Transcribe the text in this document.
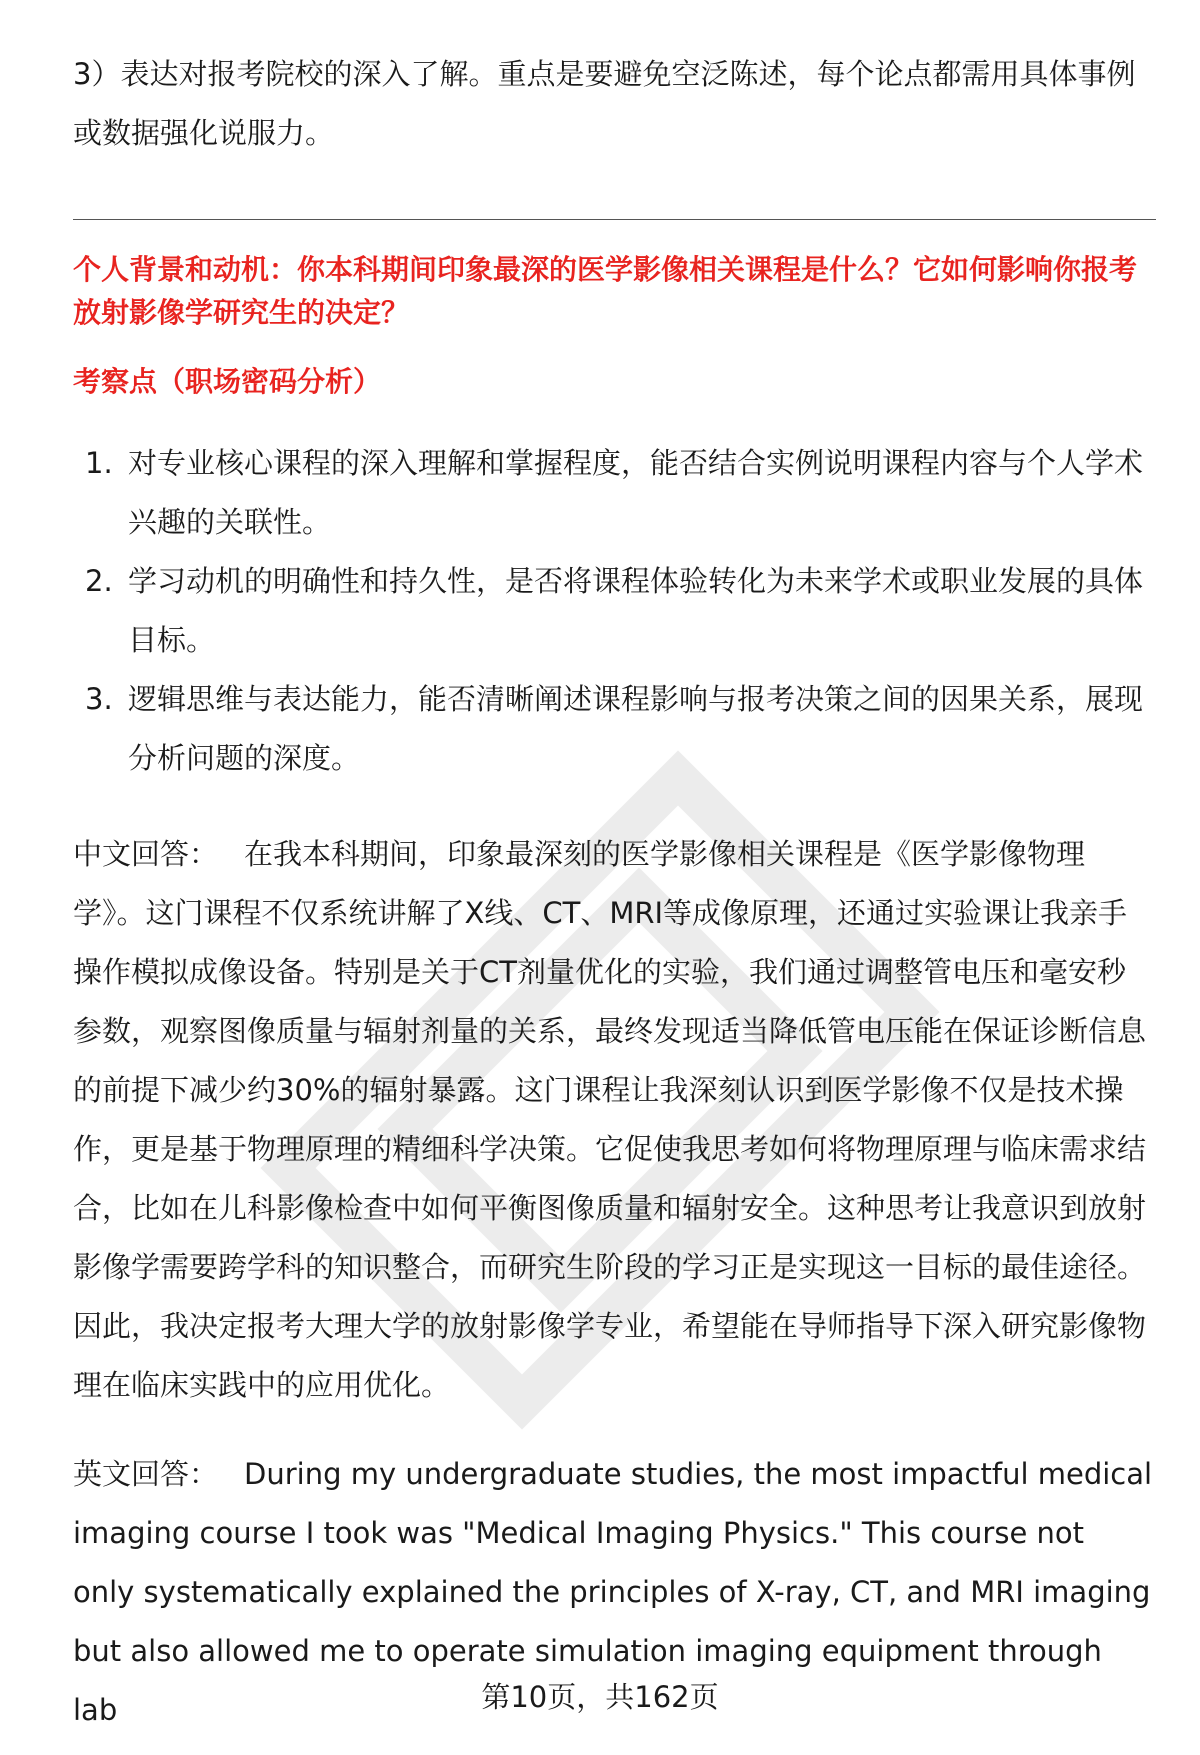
3）表达对报考院校的深入了解。重点是要避免空泛陈述，每个论点都需用具体事例或数据强化说服力。

个人背景和动机：你本科期间印象最深的医学影像相关课程是什么？它如何影响你报考放射影像学研究生的决定？
考察点（职场密码分析）
1. 对专业核心课程的深入理解和掌握程度，能否结合实例说明课程内容与个人学术兴趣的关联性。
2. 学习动机的明确性和持久性，是否将课程体验转化为未来学术或职业发展的具体目标。
3. 逻辑思维与表达能力，能否清晰阐述课程影响与报考决策之间的因果关系，展现分析问题的深度。

中文回答： 在我本科期间，印象最深刻的医学影像相关课程是《医学影像物理学》。这门课程不仅系统讲解了X线、CT、MRI等成像原理，还通过实验课让我亲手操作模拟成像设备。特别是关于CT剂量优化的实验，我们通过调整管电压和毫安秒参数，观察图像质量与辐射剂量的关系，最终发现适当降低管电压能在保证诊断信息的前提下减少约30%的辐射暴露。这门课程让我深刻认识到医学影像不仅是技术操作，更是基于物理原理的精细科学决策。它促使我思考如何将物理原理与临床需求结合，比如在儿科影像检查中如何平衡图像质量和辐射安全。这种思考让我意识到放射影像学需要跨学科的知识整合，而研究生阶段的学习正是实现这一目标的最佳途径。因此，我决定报考大理大学的放射影像学专业，希望能在导师指导下深入研究影像物理在临床实践中的应用优化。

英文回答： During my undergraduate studies, the most impactful medical imaging course I took was "Medical Imaging Physics." This course not only systematically explained the principles of X-ray, CT, and MRI imaging but also allowed me to operate simulation imaging equipment through lab	第10页，共162页
